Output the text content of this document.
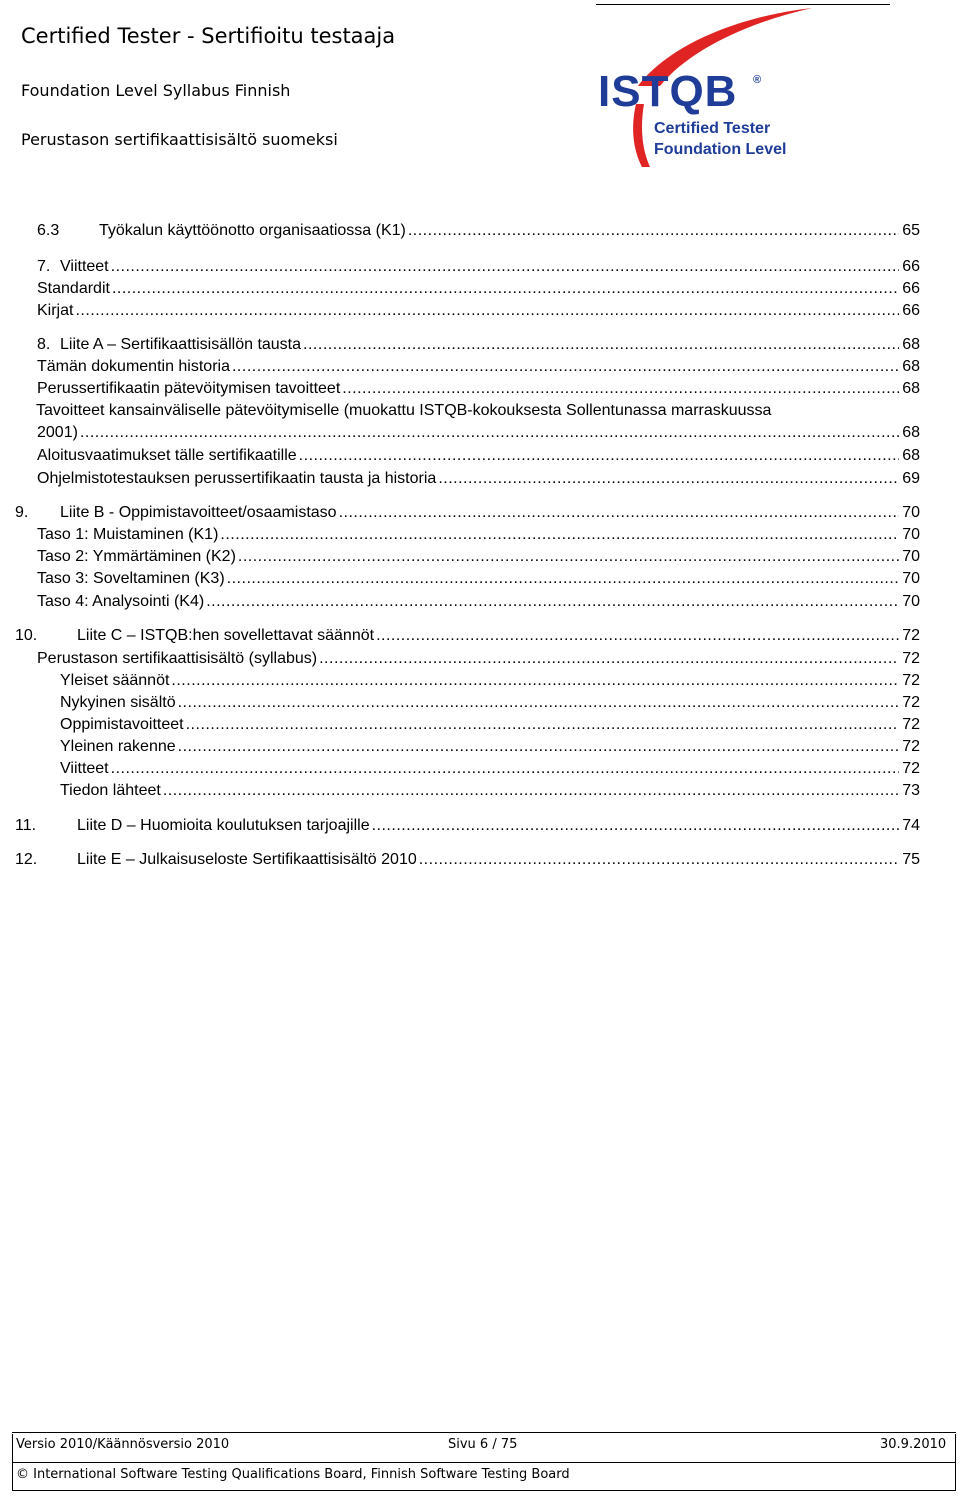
Certified Tester - Sertifioitu testaaja
Foundation Level Syllabus Finnish
Perustason sertifikaattisisältö suomeksi
ISTQB ®
Certified Tester
Foundation Level
6.3 Työkalun käyttöönotto organisaatiossa (K1) .....	65
7. Viitteet .....	66
Standardit .....	66
Kirjat .....	66
8. Liite A – Sertifikaattisisällön tausta .....	68
Tämän dokumentin historia .....	68
Perussertifikaatin pätevöitymisen tavoitteet .....	68
Tavoitteet kansainväliselle pätevöitymiselle (muokattu ISTQB-kokouksesta Sollentunassa marraskuussa
2001) .....	68
Aloitusvaatimukset tälle sertifikaatille .....	68
Ohjelmistotestauksen perussertifikaatin tausta ja historia .....	69
9. Liite B - Oppimistavoitteet/osaamistaso .....	70
Taso 1: Muistaminen (K1) .....	70
Taso 2: Ymmärtäminen (K2) .....	70
Taso 3: Soveltaminen (K3) .....	70
Taso 4: Analysointi (K4) .....	70
10. Liite C – ISTQB:hen sovellettavat säännöt .....	72
Perustason sertifikaattisisältö (syllabus) .....	72
Yleiset säännöt .....	72
Nykyinen sisältö .....	72
Oppimistavoitteet .....	72
Yleinen rakenne .....	72
Viitteet .....	72
Tiedon lähteet .....	73
11.	Liite D – Huomioita koulutuksen tarjoajille .....	74
12. Liite E – Julkaisuseloste Sertifikaattisisältö 2010 .....	75
Versio 2010/Käännösversio 2010	Sivu 6 / 75	30.9.2010
© International Software Testing Qualifications Board, Finnish Software Testing Board
